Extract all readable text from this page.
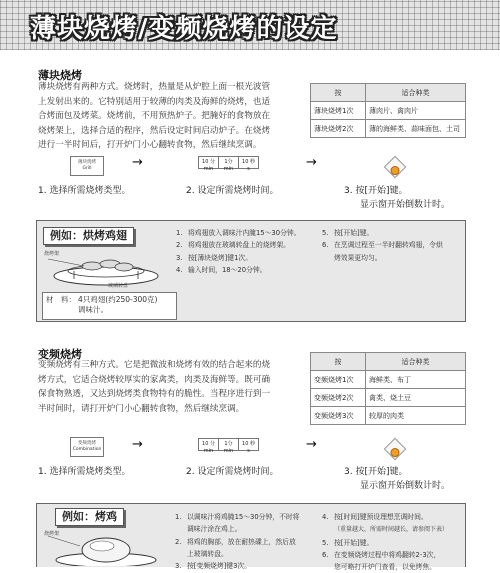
薄块烧烤/变频烧烤的设定
薄块烧烤
薄块烧烤有两种方式。烧烤时，热量是从炉腔上面一根光波管
上发射出来的。它特别适用于较薄的肉类及海鲜的烧烤，也适
合烤面包及烤菜。烧烤前，不用预热炉子。把腌好的食物放在
烧烤架上，选择合适的程序，然后设定时间启动炉子。在烧烤
进行一半时间后，打开炉门小心翻转食物，然后继续烹调。
按	适合种类
薄块烧烤1次	薄肉片、禽肉片
薄块烧烤2次	薄的海鲜类、蒜味面包、土司
薄块烧烤
Grill	→	10 分
min
1分
min
10 秒
s	→
1. 选择所需烧烤类型。	2. 设定所需烧烤时间。	3. 按[开始]键。
显示窗开始倒数计时。
例如：烘烤鸡翅
烧烤架
玻璃转盘
材　料： 4只鸡翅(约250-300克)
调味汁。
1. 将鸡翅放入调味汁内腌15～30分钟。
2. 将鸡翅放在玻璃转盘上的烧烤架。
3. 按[薄块烧烤]键1次。
4. 输入时间，18～20分钟。
5. 按[开始]键。
6. 在烹调过程至一半时翻转鸡翅，令烘
烤效果更均匀。
变频烧烤
变频烧烤有三种方式。它是把微波和烧烤有效的结合起来的烧
烤方式，它适合烧烤较厚实的家禽类，肉类及海鲜等。既可确
保食物熟透，又达到烧烤类食物特有的脆性。当程序进行到一
半时间时，请打开炉门小心翻转食物，然后继续烹调。
按	适合种类
变频烧烤1次	海鲜类、布丁
变频烧烤2次	禽类、烧土豆
变频烧烤3次	较厚的肉类
变频烧烤
Combination →	10 分
min
1分
min
10 秒
s	→
1. 选择所需烧烤类型。	2. 设定所需烧烤时间。	3. 按[开始]键。
显示窗开始倒数计时。
例如：烤鸡
烧烤架
1. 以调味汁将鸡腌15～30分钟，不时将
调味汁涂在鸡上。
2. 将鸡的胸部，放在耐热碟上，然后放
上玻璃转盘。
3. 按[变频烧烤]键3次。
4. 按[时间]键预设理想烹调时间。
（重量越大，所需时间越长，请参阅下表）
5. 按[开始]键。
6. 在变频烧烤过程中将鸡翻转2-3次，
您可略打开炉门查看，以免烤焦。
